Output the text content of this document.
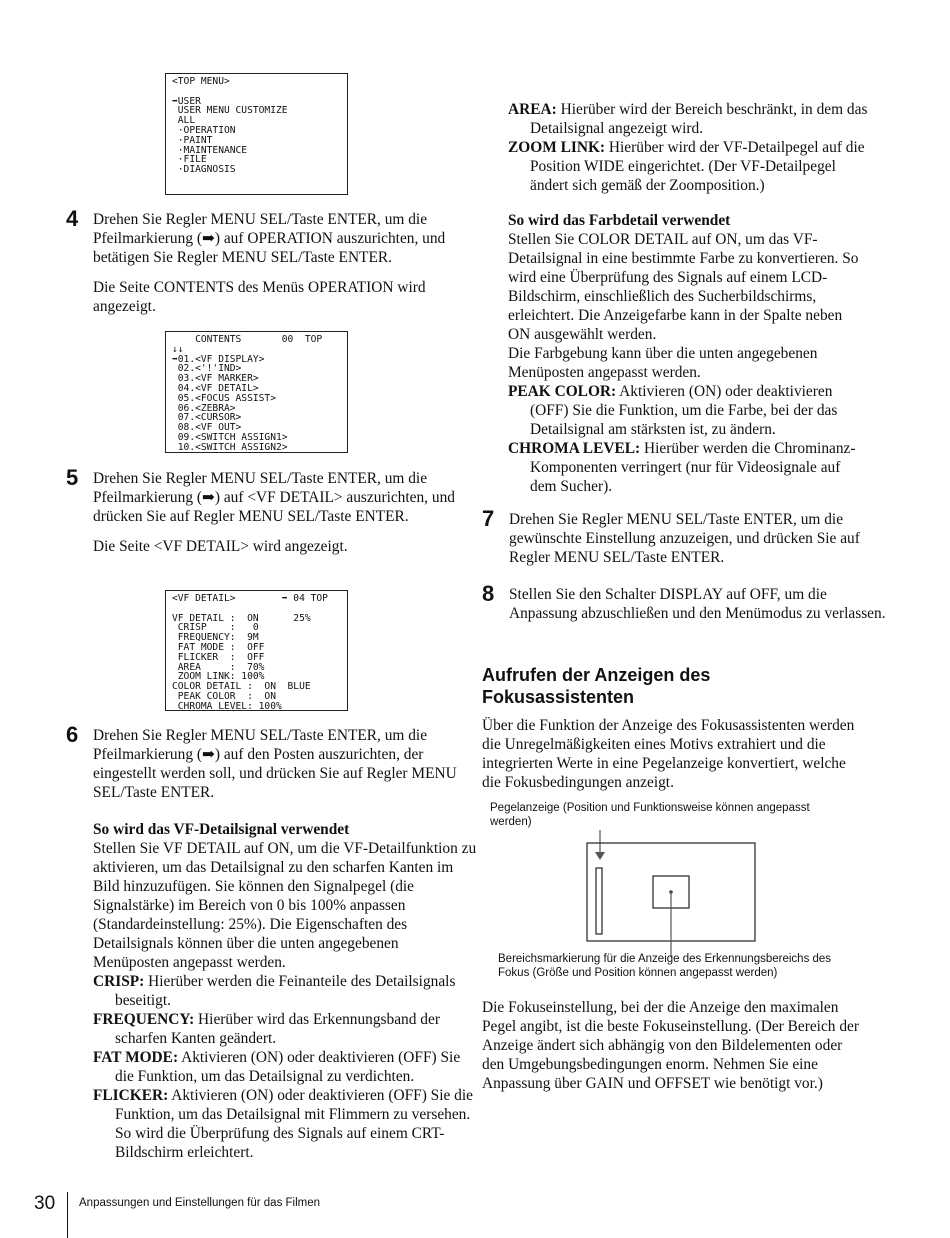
<TOP MENU>

➡USER
USER MENU CUSTOMIZE
ALL
·OPERATION
·PAINT
·MAINTENANCE
·FILE
·DIAGNOSIS
CONTENTS       00  TOP
↓↓
➡01.<VF DISPLAY>
02.<'!'IND>
03.<VF MARKER>
04.<VF DETAIL>
05.<FOCUS ASSIST>
06.<ZEBRA>
07.<CURSOR>
08.<VF OUT>
09.<SWITCH ASSIGN1>
10.<SWITCH ASSIGN2>
<VF DETAIL>        ➡ 04 TOP

VF DETAIL :  ON      25%
CRISP    :   0
FREQUENCY:  9M
FAT MODE :  OFF
FLICKER  :  OFF
AREA     :  70%
ZOOM LINK: 100%
COLOR DETAIL :  ON  BLUE
PEAK COLOR  :  ON
CHROMA LEVEL: 100%
4 Drehen Sie Regler MENU SEL/Taste ENTER, um die Pfeilmarkierung (➡) auf OPERATION auszurichten, und betätigen Sie Regler MENU SEL/Taste ENTER.

Die Seite CONTENTS des Menüs OPERATION wird angezeigt.

5 Drehen Sie Regler MENU SEL/Taste ENTER, um die Pfeilmarkierung (➡) auf <VF DETAIL> auszurichten, und drücken Sie auf Regler MENU SEL/Taste ENTER.

Die Seite <VF DETAIL> wird angezeigt.

6 Drehen Sie Regler MENU SEL/Taste ENTER, um die Pfeilmarkierung (➡) auf den Posten auszurichten, der eingestellt werden soll, und drücken Sie auf Regler MENU SEL/Taste ENTER.

So wird das VF-Detailsignal verwendet

Stellen Sie VF DETAIL auf ON, um die VF-Detailfunktion zu aktivieren, um das Detailsignal zu den scharfen Kanten im Bild hinzuzufügen. Sie können den Signalpegel (die Signalstärke) im Bereich von 0 bis 100% anpassen (Standardeinstellung: 25%). Die Eigenschaften des Detailsignals können über die unten angegebenen Menüposten angepasst werden.

CRISP: Hierüber werden die Feinanteile des Detailsignals beseitigt.

FREQUENCY: Hierüber wird das Erkennungsband der scharfen Kanten geändert.

FAT MODE: Aktivieren (ON) oder deaktivieren (OFF) Sie die Funktion, um das Detailsignal zu verdichten.

FLICKER: Aktivieren (ON) oder deaktivieren (OFF) Sie die Funktion, um das Detailsignal mit Flimmern zu versehen. So wird die Überprüfung des Signals auf einem CRT-Bildschirm erleichtert.

AREA: Hierüber wird der Bereich beschränkt, in dem das Detailsignal angezeigt wird.

ZOOM LINK: Hierüber wird der VF-Detailpegel auf die Position WIDE eingerichtet. (Der VF-Detailpegel ändert sich gemäß der Zoomposition.)

So wird das Farbdetail verwendet

Stellen Sie COLOR DETAIL auf ON, um das VF-Detailsignal in eine bestimmte Farbe zu konvertieren. So wird eine Überprüfung des Signals auf einem LCD-Bildschirm, einschließlich des Sucherbildschirms, erleichtert. Die Anzeigefarbe kann in der Spalte neben ON ausgewählt werden.

Die Farbgebung kann über die unten angegebenen Menüposten angepasst werden.

PEAK COLOR: Aktivieren (ON) oder deaktivieren (OFF) Sie die Funktion, um die Farbe, bei der das Detailsignal am stärksten ist, zu ändern.

CHROMA LEVEL: Hierüber werden die Chrominanz-Komponenten verringert (nur für Videosignale auf dem Sucher).

7 Drehen Sie Regler MENU SEL/Taste ENTER, um die gewünschte Einstellung anzuzeigen, und drücken Sie auf Regler MENU SEL/Taste ENTER.

8 Stellen Sie den Schalter DISPLAY auf OFF, um die Anpassung abzuschließen und den Menümodus zu verlassen.

Aufrufen der Anzeigen des

Fokusassistenten

Über die Funktion der Anzeige des Fokusassistenten werden die Unregelmäßigkeiten eines Motivs extrahiert und die integrierten Werte in eine Pegelanzeige konvertiert, welche die Fokusbedingungen anzeigt.

Pegelanzeige (Position und Funktionsweise können angepasst werden)
Bereichsmarkierung für die Anzeige des Erkennungsbereichs des Fokus (Größe und Position können angepasst werden)

Die Fokuseinstellung, bei der die Anzeige den maximalen Pegel angibt, ist die beste Fokuseinstellung. (Der Bereich der Anzeige ändert sich abhängig von den Bildelementen oder den Umgebungsbedingungen enorm. Nehmen Sie eine Anpassung über GAIN und OFFSET wie benötigt vor.)

30 Anpassungen und Einstellungen für das Filmen
